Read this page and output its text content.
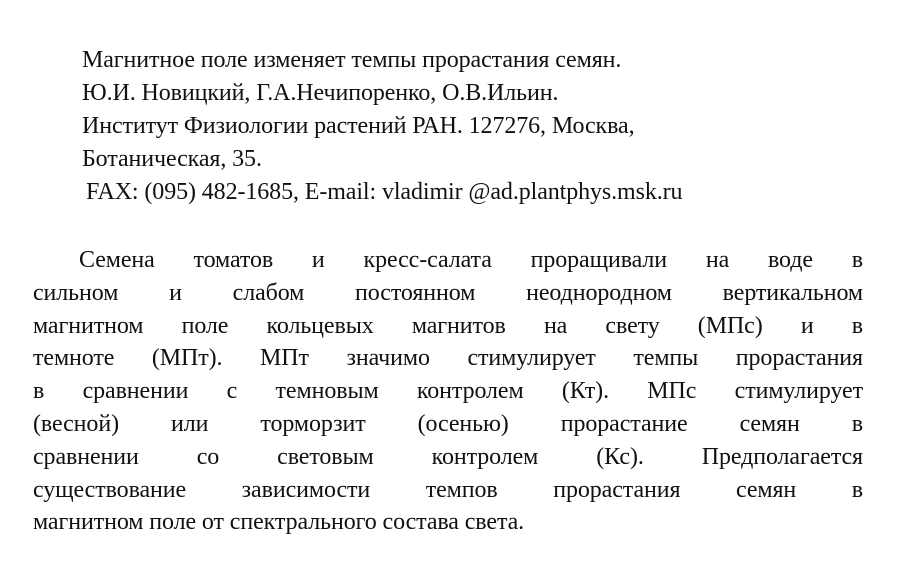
Магнитное поле изменяет темпы прорастания семян.
Ю.И. Новицкий, Г.А.Нечипоренко, О.В.Ильин.
Институт Физиологии растений РАН. 127276, Москва,
Ботаническая, 35.
FAX: (095) 482-1685, E-mail: vladimir @ad.plantphys.msk.ru
Семена томатов и кресс-салата проращивали на воде в
сильном и слабом постоянном неоднородном вертикальном
магнитном поле кольцевых магнитов на свету (МПс) и в
темноте (МПт). МПт значимо стимулирует темпы прорастания
в сравнении с темновым контролем (Кт). МПс стимулирует
(весной) или торморзит (осенью) прорастание семян в
сравнении со световым контролем (Кс). Предполагается
существование зависимости темпов прорастания семян в
магнитном поле от спектрального состава света.
